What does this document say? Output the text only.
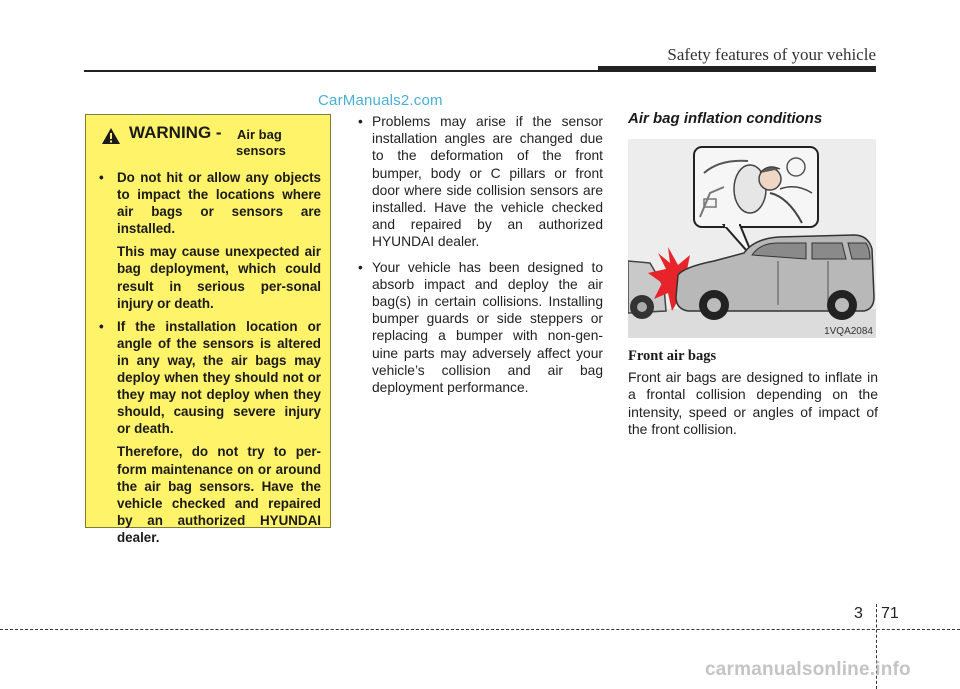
Safety features of your vehicle
CarManuals2.com
WARNING - Air bag
sensors

• Do not hit or allow any objects to impact the locations where air bags or sensors are installed.

This may cause unexpected air bag deployment, which could result in serious per-sonal injury or death.

• If the installation location or angle of the sensors is altered in any way, the air bags may deploy when they should not or they may not deploy when they should, causing severe injury or death.

Therefore, do not try to per-form maintenance on or around the air bag sensors. Have the vehicle checked and repaired by an authorized HYUNDAI dealer.

• Problems may arise if the sensor installation angles are changed due to the deformation of the front bumper, body or C pillars or front door where side collision sensors are installed. Have the vehicle checked and repaired by an authorized HYUNDAI dealer.

• Your vehicle has been designed to absorb impact and deploy the air bag(s) in certain collisions. Installing bumper guards or side steppers or replacing a bumper with non-gen-uine parts may adversely affect your vehicle’s collision and air bag deployment performance.

Air bag inflation conditions
1VQA2084
Front air bags

Front air bags are designed to inflate in a frontal collision depending on the intensity, speed or angles of impact of the front collision.

3 71
carmanualsonline.info
